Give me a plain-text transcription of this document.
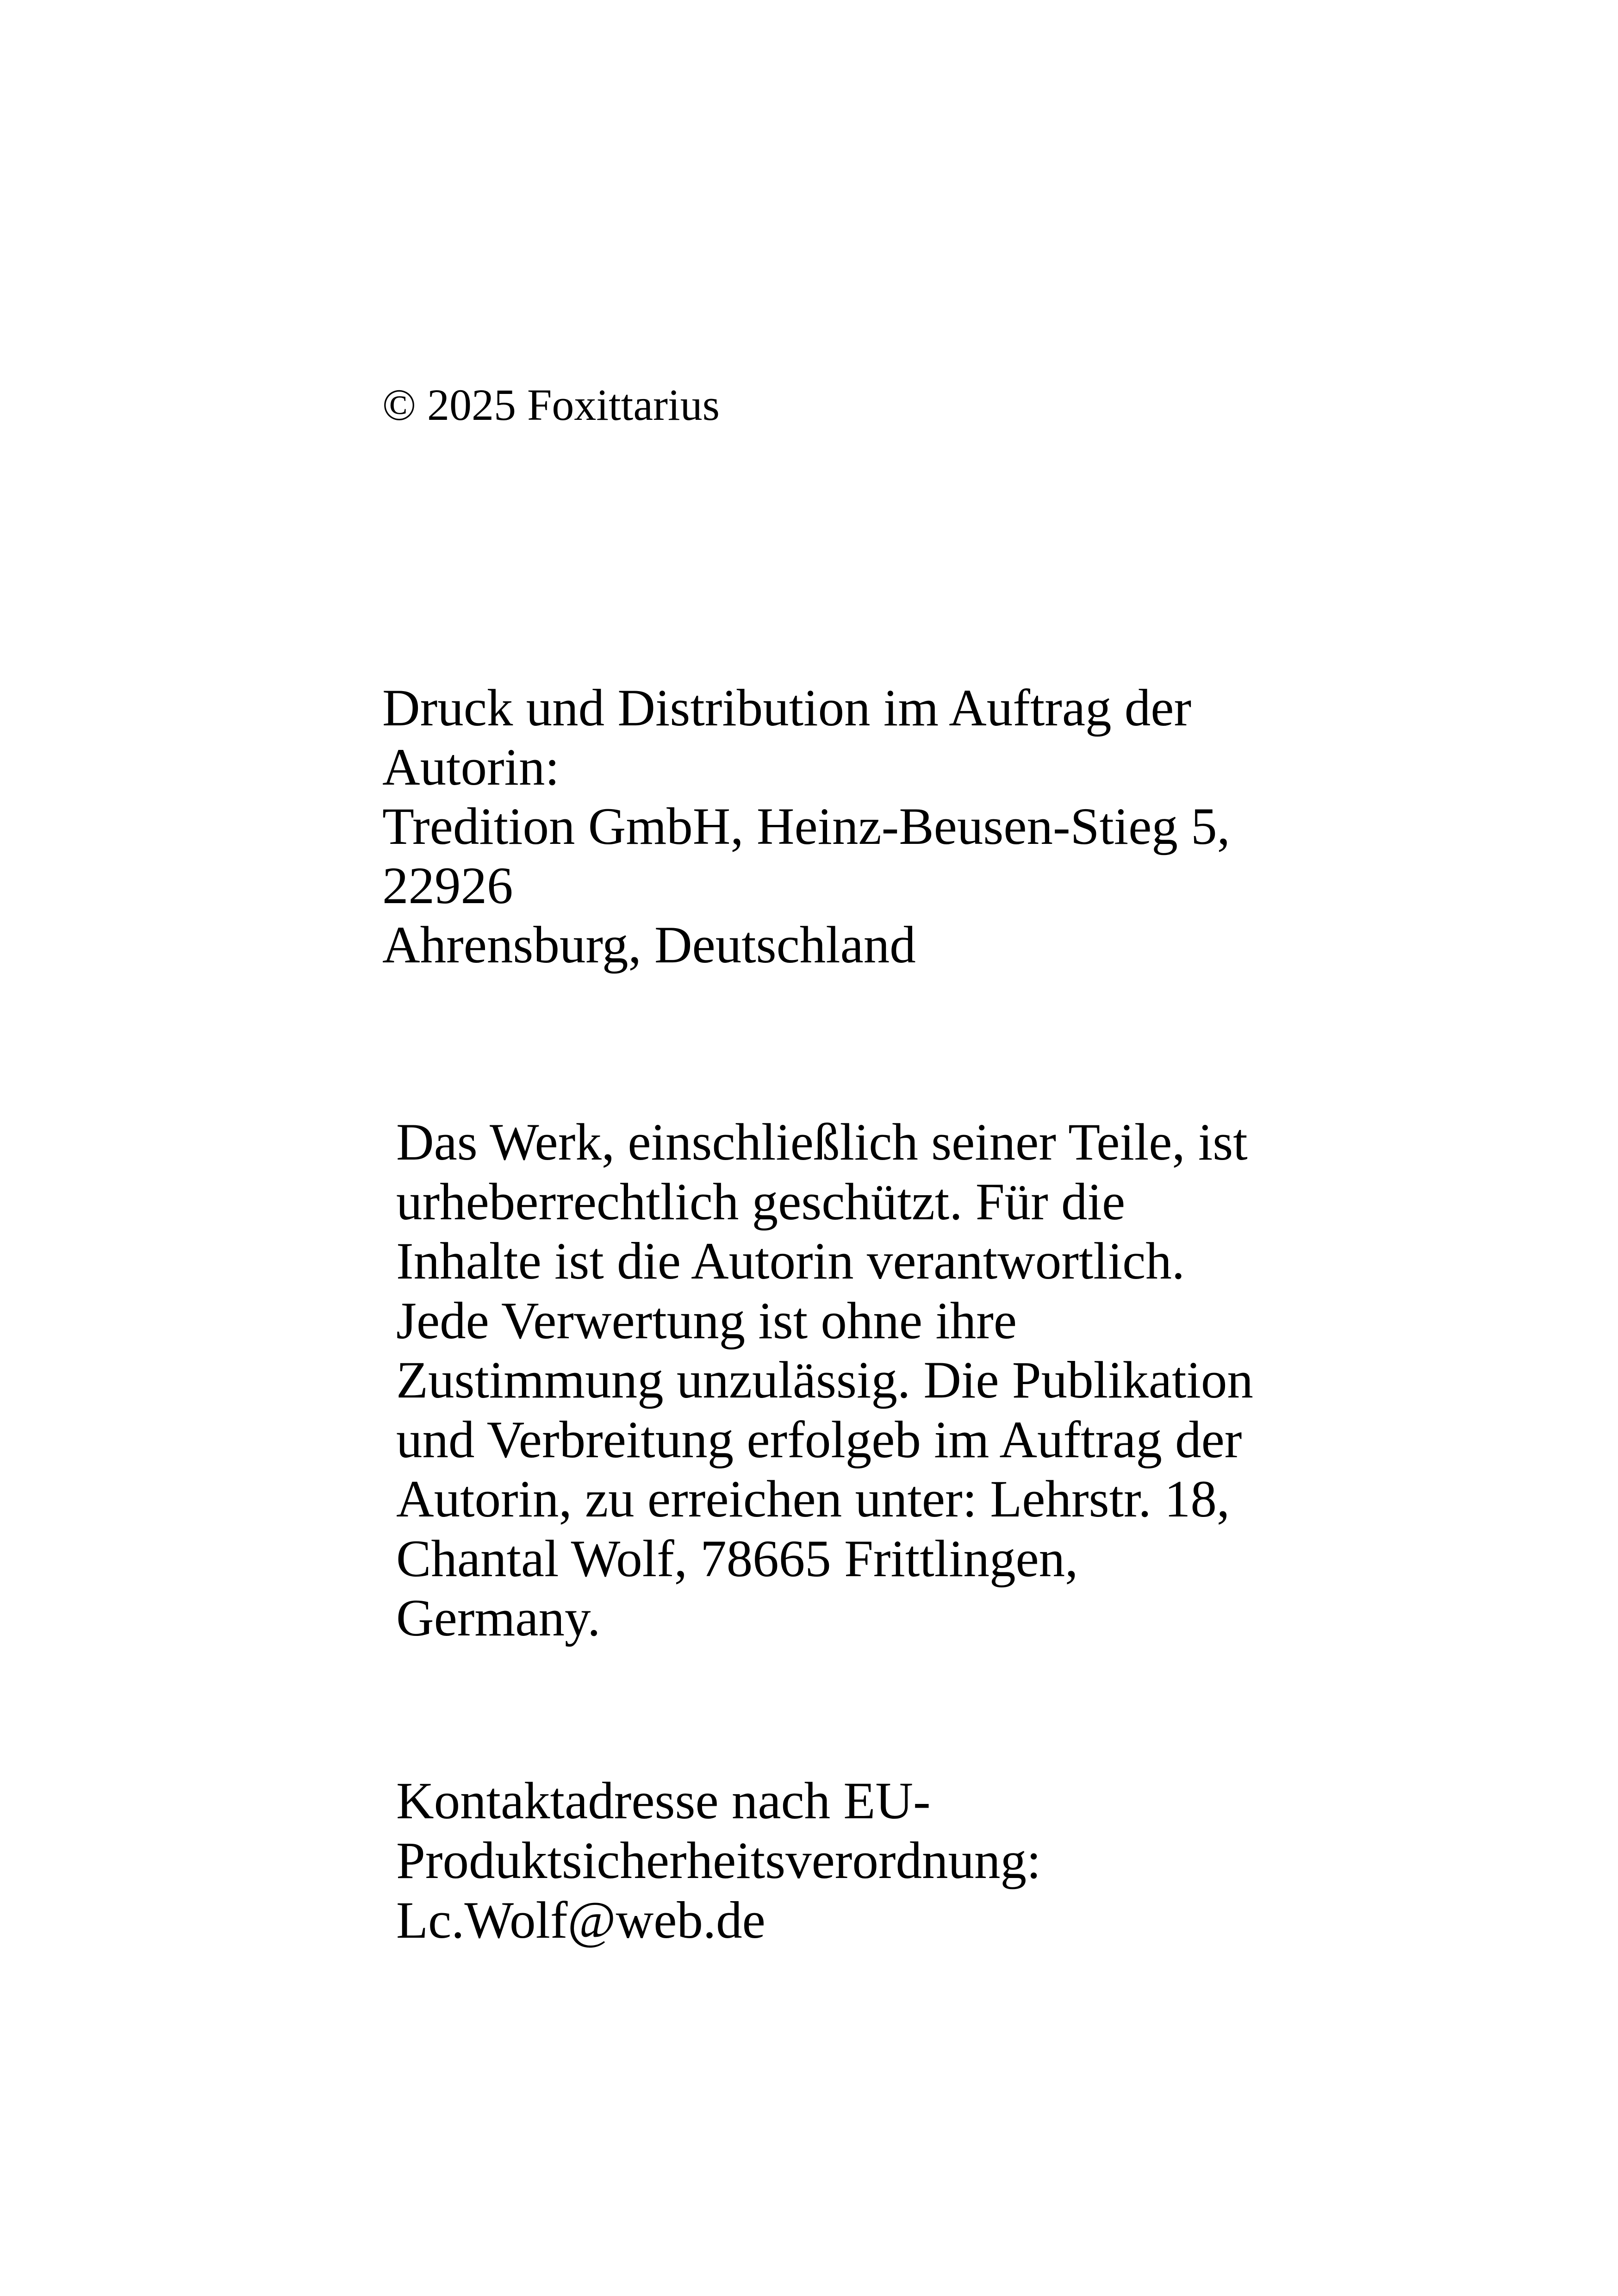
© 2025 Foxittarius

Druck und Distribution im Auftrag der
Autorin:
Tredition GmbH, Heinz-Beusen-Stieg 5,
22926
Ahrensburg, Deutschland
Das Werk, einschließlich seiner Teile, ist
urheberrechtlich geschützt. Für die
Inhalte ist die Autorin verantwortlich.
Jede Verwertung ist ohne ihre
Zustimmung unzulässig. Die Publikation
und Verbreitung erfolgeb im Auftrag der
Autorin, zu erreichen unter: Lehrstr. 18,
Chantal Wolf, 78665 Frittlingen,
Germany.
Kontaktadresse nach EU-
Produktsicherheitsverordnung:
Lc.Wolf@web.de
